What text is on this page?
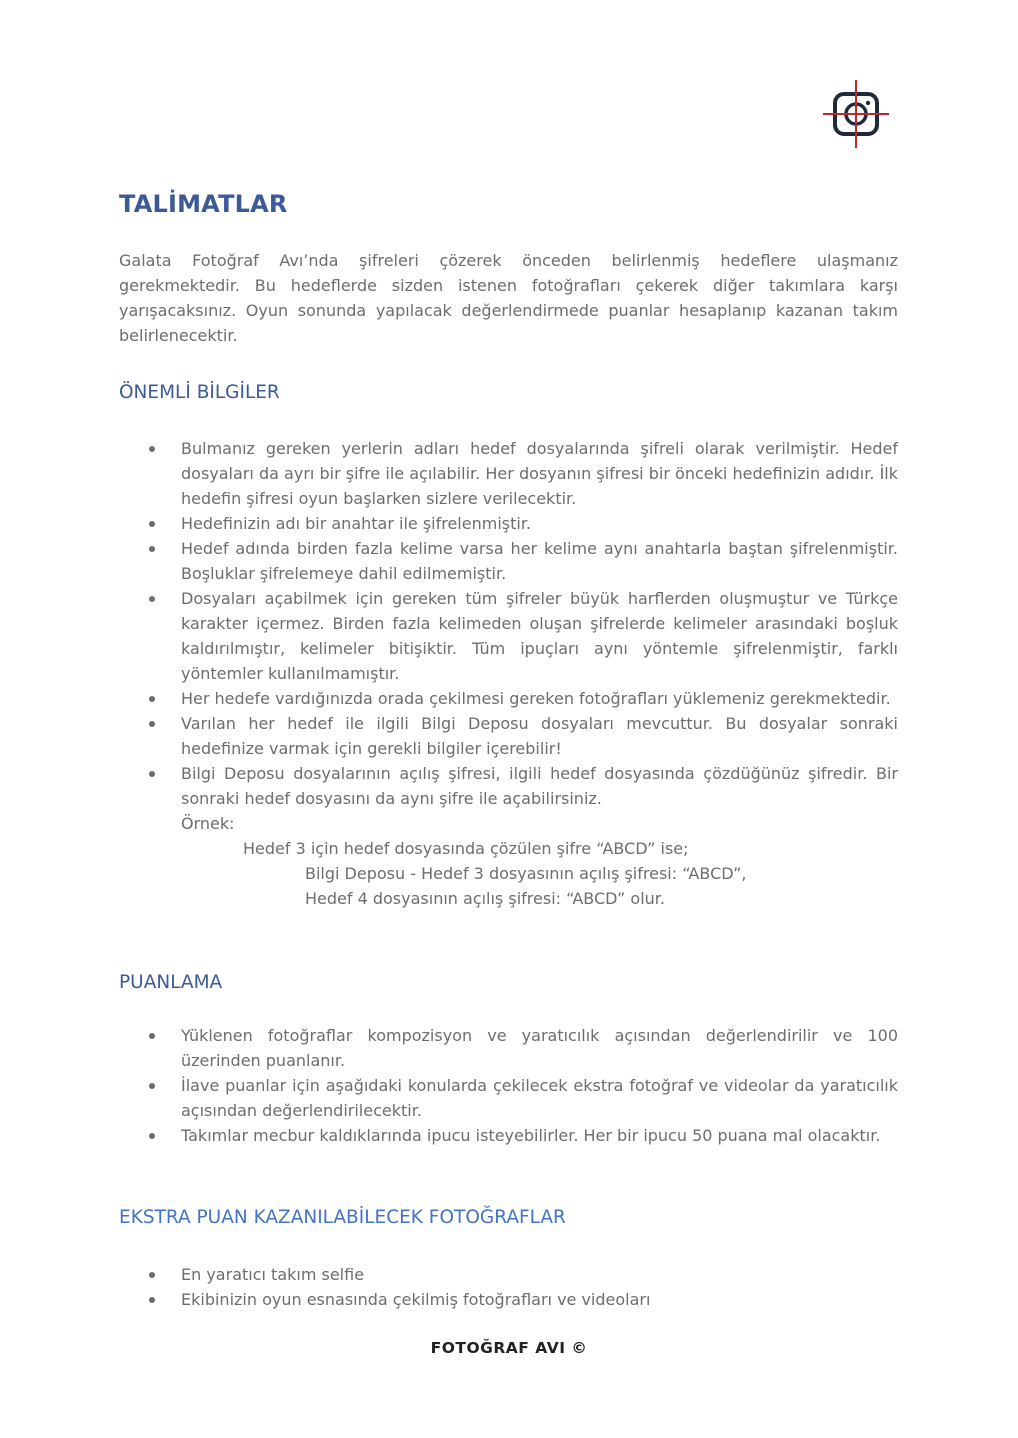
TALİMATLAR

Galata Fotoğraf Avı’nda şifreleri çözerek önceden belirlenmiş hedeflere ulaşmanız gerekmektedir. Bu hedeflerde sizden istenen fotoğrafları çekerek diğer takımlara karşı yarışacaksınız. Oyun sonunda yapılacak değerlendirmede puanlar hesaplanıp kazanan takım belirlenecektir.

ÖNEMLİ BİLGİLER
Bulmanız gereken yerlerin adları hedef dosyalarında şifreli olarak verilmiştir. Hedef dosyaları da ayrı bir şifre ile açılabilir. Her dosyanın şifresi bir önceki hedefinizin adıdır. İlk hedefin şifresi oyun başlarken sizlere verilecektir.
Hedefinizin adı bir anahtar ile şifrelenmiştir.
Hedef adında birden fazla kelime varsa her kelime aynı anahtarla baştan şifrelenmiştir. Boşluklar şifrelemeye dahil edilmemiştir.
Dosyaları açabilmek için gereken tüm şifreler büyük harflerden oluşmuştur ve Türkçe karakter içermez. Birden fazla kelimeden oluşan şifrelerde kelimeler arasındaki boşluk kaldırılmıştır, kelimeler bitişiktir. Tüm ipuçları aynı yöntemle şifrelenmiştir, farklı yöntemler kullanılmamıştır.
Her hedefe vardığınızda orada çekilmesi gereken fotoğrafları yüklemeniz gerekmektedir.
Varılan her hedef ile ilgili Bilgi Deposu dosyaları mevcuttur. Bu dosyalar sonraki hedefinize varmak için gerekli bilgiler içerebilir!
Bilgi Deposu dosyalarının açılış şifresi, ilgili hedef dosyasında çözdüğünüz şifredir. Bir sonraki hedef dosyasını da aynı şifre ile açabilirsiniz.
Örnek:
Hedef 3 için hedef dosyasında çözülen şifre “ABCD” ise;
Bilgi Deposu - Hedef 3 dosyasının açılış şifresi: “ABCD”,
Hedef 4 dosyasının açılış şifresi: “ABCD” olur.
PUANLAMA
Yüklenen fotoğraflar kompozisyon ve yaratıcılık açısından değerlendirilir ve 100 üzerinden puanlanır.
İlave puanlar için aşağıdaki konularda çekilecek ekstra fotoğraf ve videolar da yaratıcılık açısından değerlendirilecektir.
Takımlar mecbur kaldıklarında ipucu isteyebilirler. Her bir ipucu 50 puana mal olacaktır.
EKSTRA PUAN KAZANILABİLECEK FOTOĞRAFLAR
En yaratıcı takım selfie
Ekibinizin oyun esnasında çekilmiş fotoğrafları ve videoları
FOTOĞRAF AVI ©
